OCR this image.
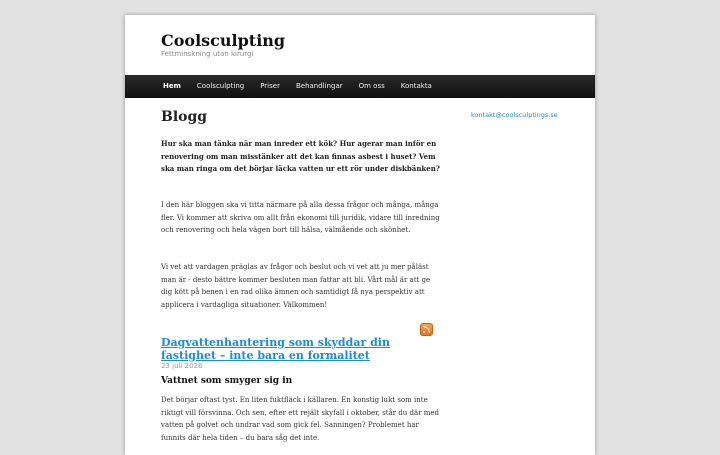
Coolsculpting
Fettminskning utan kirurgi
Hem	Coolsculpting	Priser	Behandlingar	Om oss	Kontakta
Blogg	kontakt@coolsculptings.se

Hur ska man tänka när man inreder ett kök? Hur agerar man inför en renovering om man misstänker att det kan finnas asbest i huset? Vem ska man ringa om det börjar läcka vatten ur ett rör under diskbänken?

I den här bloggen ska vi titta närmare på alla dessa frågor och många, många fler. Vi kommer att skriva om allt från ekonomi till juridik, vidare till inredning och renovering och hela vägen bort till hälsa, välmående och skönhet.

Vi vet att vardagen präglas av frågor och beslut och vi vet att ju mer påläst man är - desto bättre kommer besluten man fattar att bli. Vårt mål är att ge dig kött på benen i en rad olika ämnen och samtidigt få nya perspektiv att applicera i vardagliga situationer. Välkommen!

Dagvattenhantering som skyddar din fastighet – inte bara en formalitet
23 juli 2026
Vattnet som smyger sig in

Det börjar oftast tyst. En liten fuktfläck i källaren. En konstig lukt som inte riktigt vill försvinna. Och sen, efter ett rejält skyfall i oktober, står du där med vatten på golvet och undrar vad som gick fel. Sanningen? Problemet har funnits där hela tiden – du bara såg det inte.
